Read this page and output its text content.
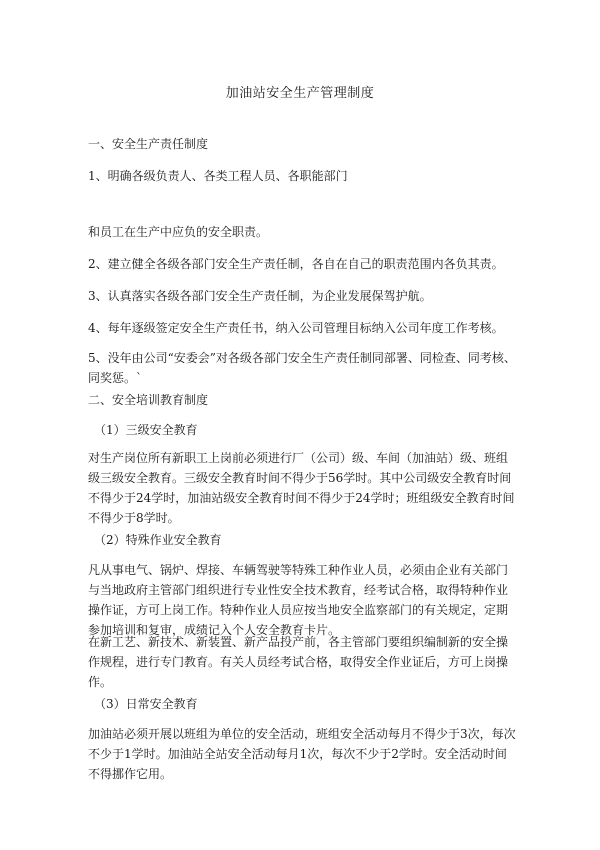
加油站安全生产管理制度

一、安全生产责任制度

1、明确各级负责人、各类工程人员、各职能部门

和员工在生产中应负的安全职责。

2、建立健全各级各部门安全生产责任制，各自在自己的职责范围内各负其责。

3、认真落实各级各部门安全生产责任制，为企业发展保驾护航。

4、每年逐级签定安全生产责任书，纳入公司管理目标纳入公司年度工作考核。

5、没年由公司“安委会”对各级各部门安全生产责任制同部署、同检查、同考核、同奖惩。`

二、安全培训教育制度

（1）三级安全教育

对生产岗位所有新职工上岗前必须进行厂（公司）级、车间（加油站）级、班组级三级安全教育。三级安全教育时间不得少于56学时。其中公司级安全教育时间不得少于24学时，加油站级安全教育时间不得少于24学时；班组级安全教育时间不得少于8学时。

（2）特殊作业安全教育

凡从事电气、锅炉、焊接、车辆驾驶等特殊工种作业人员，必须由企业有关部门与当地政府主管部门组织进行专业性安全技术教育，经考试合格，取得特种作业操作证，方可上岗工作。特种作业人员应按当地安全监察部门的有关规定，定期参加培训和复审，成绩记入个人安全教育卡片。

在新工艺、新技术、新装置、新产品投产前，各主管部门要组织编制新的安全操作规程，进行专门教育。有关人员经考试合格，取得安全作业证后，方可上岗操作。

（3）日常安全教育

加油站必须开展以班组为单位的安全活动，班组安全活动每月不得少于3次，每次不少于1学时。加油站全站安全活动每月1次，每次不少于2学时。安全活动时间不得挪作它用。
